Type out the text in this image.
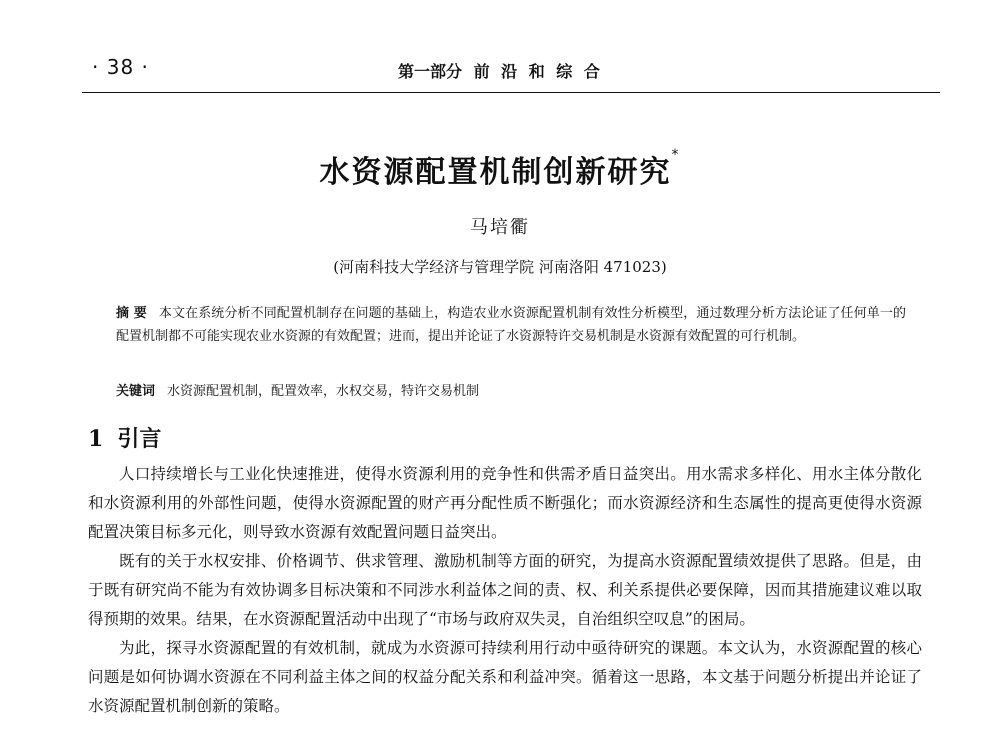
· 38 ·	第一部分 前 沿 和 综 合
水资源配置机制创新研究*
马培衢
(河南科技大学经济与管理学院 河南洛阳 471023)
摘 要 本文在系统分析不同配置机制存在问题的基础上，构造农业水资源配置机制有效性分析模型，通过数理分析方法论证了任何单一的配置机制都不可能实现农业水资源的有效配置；进而，提出并论证了水资源特许交易机制是水资源有效配置的可行机制。
关键词 水资源配置机制，配置效率，水权交易，特许交易机制
1 引言

人口持续增长与工业化快速推进，使得水资源利用的竞争性和供需矛盾日益突出。用水需求多样化、用水主体分散化和水资源利用的外部性问题，使得水资源配置的财产再分配性质不断强化；而水资源经济和生态属性的提高更使得水资源配置决策目标多元化，则导致水资源有效配置问题日益突出。

既有的关于水权安排、价格调节、供求管理、激励机制等方面的研究，为提高水资源配置绩效提供了思路。但是，由于既有研究尚不能为有效协调多目标决策和不同涉水利益体之间的责、权、利关系提供必要保障，因而其措施建议难以取得预期的效果。结果，在水资源配置活动中出现了“市场与政府双失灵，自治组织空叹息”的困局。

为此，探寻水资源配置的有效机制，就成为水资源可持续利用行动中亟待研究的课题。本文认为，水资源配置的核心问题是如何协调水资源在不同利益主体之间的权益分配关系和利益冲突。循着这一思路，本文基于问题分析提出并论证了水资源配置机制创新的策略。
